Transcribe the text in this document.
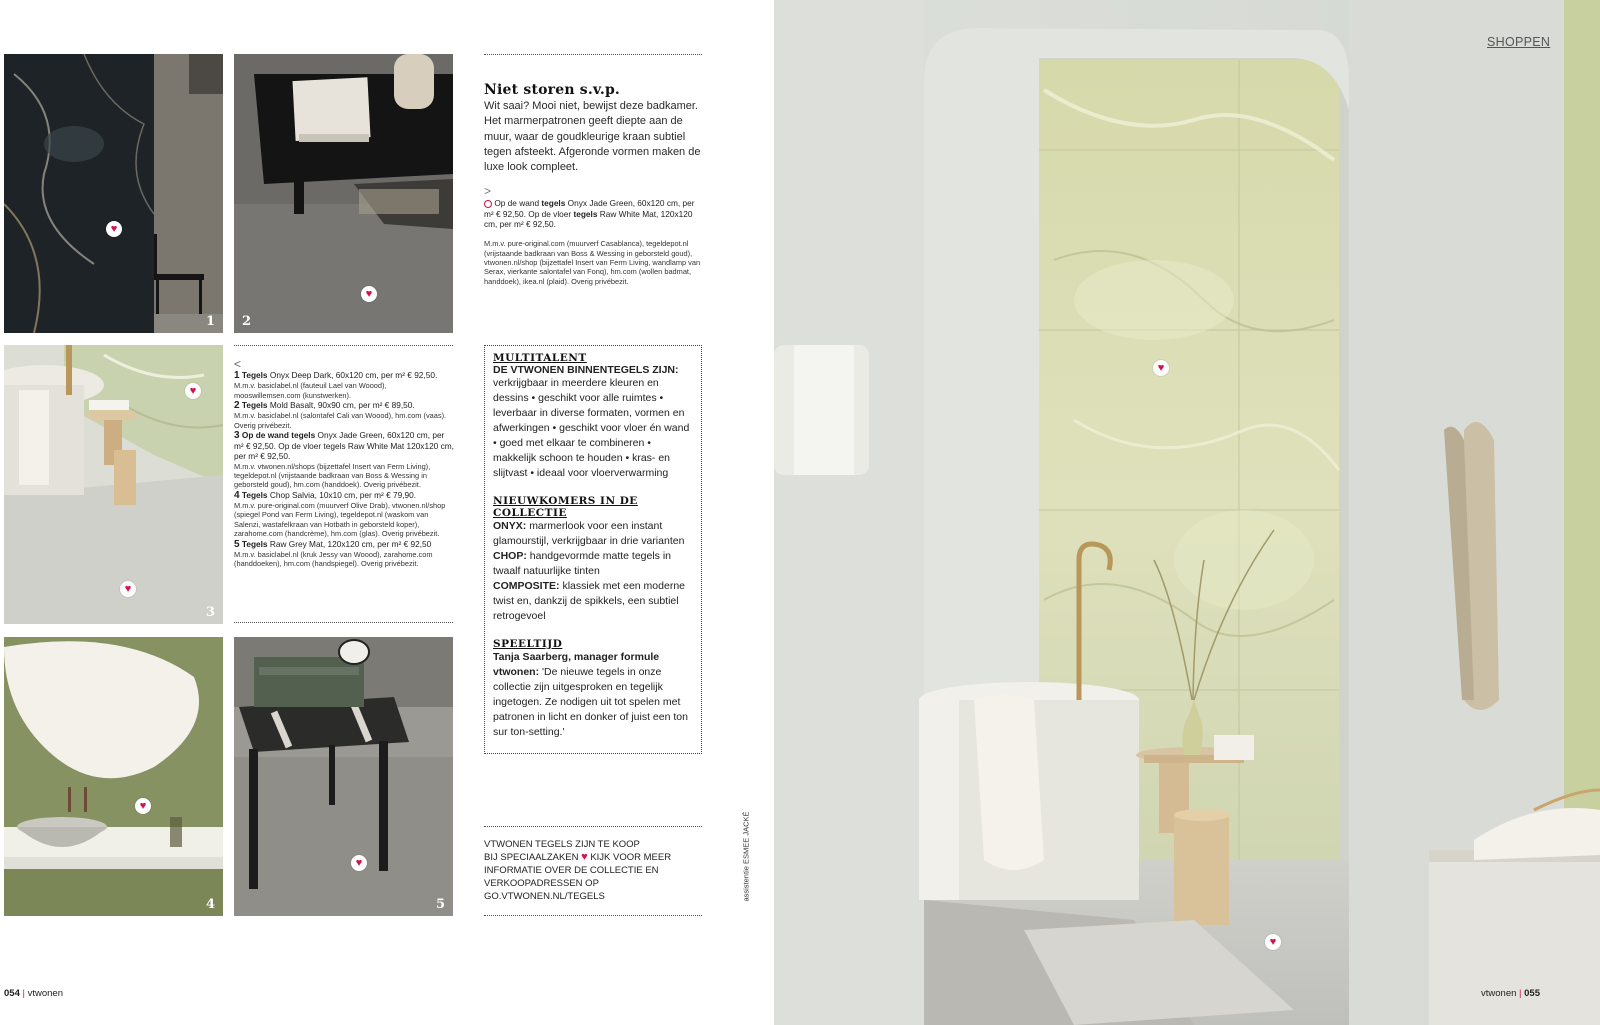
♥
1
♥ 2
♥
♥
3
<
1 Tegels Onyx Deep Dark, 60x120 cm, per m² € 92,50.
M.m.v. basiclabel.nl (fauteuil Lael van Woood), mooswillemsen.com (kunstwerken).
2 Tegels Mold Basalt, 90x90 cm, per m² € 89,50.
M.m.v. basiclabel.nl (salontafel Cali van Woood), hm.com (vaas). Overig privébezit.
3 Op de wand tegels Onyx Jade Green, 60x120 cm, per m² € 92,50. Op de vloer tegels Raw White Mat 120x120 cm, per m² € 92,50.
M.m.v. vtwonen.nl/shops (bijzettafel Insert van Ferm Living), tegeldepot.nl (vrijstaande badkraan van Boss & Wessing in geborsteld goud), hm.com (handdoek). Overig privébezit.
4 Tegels Chop Salvia, 10x10 cm, per m² € 79,90.
M.m.v. pure-original.com (muurverf Olive Drab), vtwonen.nl/shop (spiegel Pond van Ferm Living), tegeldepot.nl (waskom van Salenzi, wastafelkraan van Hotbath in geborsteld koper), zarahome.com (handcrème), hm.com (glas). Overig privébezit.
5 Tegels Raw Grey Mat, 120x120 cm, per m² € 92,50
M.m.v. basiclabel.nl (kruk Jessy van Woood), zarahome.com (handdoeken), hm.com (handspiegel). Overig privébezit.
♥
4
♥	5
Niet storen s.v.p.
Wit saai? Mooi niet, bewijst deze badkamer. Het marmerpatronen geeft diepte aan de muur, waar de goudkleurige kraan subtiel tegen afsteekt. Afgeronde vormen maken de luxe look compleet.
>
Op de wand tegels Onyx Jade Green, 60x120 cm, per m² € 92,50. Op de vloer tegels Raw White Mat, 120x120 cm, per m² € 92,50.
M.m.v. pure-original.com (muurverf Casablanca), tegeldepot.nl (vrijstaande badkraan van Boss & Wessing in geborsteld goud), vtwonen.nl/shop (bijzettafel Insert van Ferm Living, wandlamp van Serax, vierkante salontafel van Fonq), hm.com (wollen badmat, handdoek), ikea.nl (plaid). Overig privébezit.
MULTITALENT
DE VTWONEN BINNENTEGELS ZIJN:

verkrijgbaar in meerdere kleuren en dessins • geschikt voor alle ruimtes • leverbaar in diverse formaten, vormen en afwerkingen • geschikt voor vloer én wand • goed met elkaar te combineren • makkelijk schoon te houden • kras- en slijtvast • ideaal voor vloerverwarming

NIEUWKOMERS IN DE COLLECTIE

ONYX: marmerlook voor een instant glamourstijl, verkrijgbaar in drie varianten

CHOP: handgevormde matte tegels in twaalf natuurlijke tinten

COMPOSITE: klassiek met een moderne twist en, dankzij de spikkels, een subtiel retrogevoel

SPEELTIJD

Tanja Saarberg, manager formule vtwonen: 'De nieuwe tegels in onze collectie zijn uitgesproken en tegelijk ingetogen. Ze nodigen uit tot spelen met patronen in licht en donker of juist een ton sur ton-setting.'

VTWONEN TEGELS ZIJN TE KOOP
BIJ SPECIAALZAKEN ♥ KIJK VOOR MEER
INFORMATIE OVER DE COLLECTIE EN
VERKOOPADRESSEN OP
GO.VTWONEN.NL/TEGELS	assistentie ESMEE JACKÉ
054 | vtwonen
♥
♥
SHOPPEN
vtwonen | 055
